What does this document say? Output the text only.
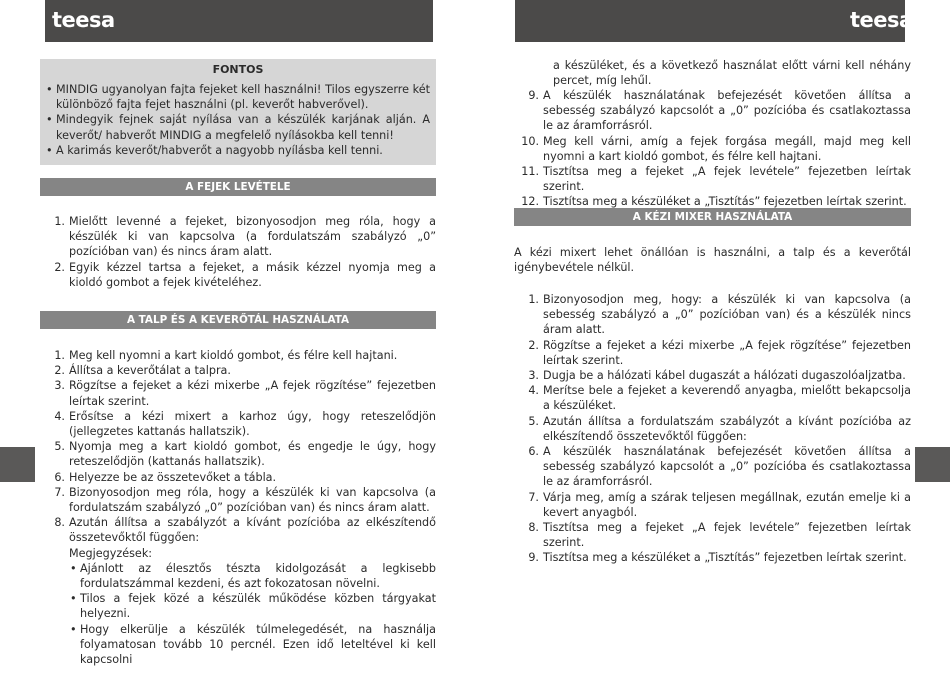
teesa	teesa
FONTOS
• MINDIG ugyanolyan fajta fejeket kell használni! Tilos egyszerre két különböző fajta fejet használni (pl. keverőt habverővel).
• Mindegyik fejnek saját nyílása van a készülék karjának alján. A keverőt/ habverőt MINDIG a megfelelő nyílásokba kell tenni!
• A karimás keverőt/habverőt a nagyobb nyílásba kell tenni.
A FEJEK LEVÉTELE
1. Mielőtt levenné a fejeket, bizonyosodjon meg róla, hogy a készülék ki van kapcsolva (a fordulatszám szabályzó „0” pozícióban van) és nincs áram alatt.
2. Egyik kézzel tartsa a fejeket, a másik kézzel nyomja meg a kioldó gombot a fejek kivételéhez.
A TALP ÉS A KEVERŐTÁL HASZNÁLATA
1. Meg kell nyomni a kart kioldó gombot, és félre kell hajtani.
2. Állítsa a keverőtálat a talpra.
3. Rögzítse a fejeket a kézi mixerbe „A fejek rögzítése” fejezetben leírtak szerint.
4. Erősítse a kézi mixert a karhoz úgy, hogy reteszelődjön (jellegzetes kattanás hallatszik).
5. Nyomja meg a kart kioldó gombot, és engedje le úgy, hogy reteszelődjön (kattanás hallatszik).
6. Helyezze be az összetevőket a tábla.
7. Bizonyosodjon meg róla, hogy a készülék ki van kapcsolva (a fordulatszám szabályzó „0” pozícióban van) és nincs áram alatt.
8. Azután állítsa a szabályzót a kívánt pozícióba az elkészítendő összetevőktől függően:
Megjegyzések:
• Ajánlott az élesztős tészta kidolgozását a legkisebb fordulatszámmal kezdeni, és azt fokozatosan növelni.
• Tilos a fejek közé a készülék működése közben tárgyakat helyezni.
• Hogy elkerülje a készülék túlmelegedését, na használja folyamatosan tovább 10 percnél. Ezen idő leteltével ki kell kapcsolni
a készüléket, és a következő használat előtt várni kell néhány percet, míg lehűl.
9. A készülék használatának befejezését követően állítsa a sebesség szabályzó kapcsolót a „0” pozícióba és csatlakoztassa le az áramforrásról.
10. Meg kell várni, amíg a fejek forgása megáll, majd meg kell nyomni a kart kioldó gombot, és félre kell hajtani.
11. Tisztítsa meg a fejeket „A fejek levétele” fejezetben leírtak szerint.
12. Tisztítsa meg a készüléket a „Tisztítás” fejezetben leírtak szerint.
A KÉZI MIXER HASZNÁLATA

A kézi mixert lehet önállóan is használni, a talp és a keverőtál igénybevétele nélkül.

1. Bizonyosodjon meg, hogy: a készülék ki van kapcsolva (a sebesség szabályzó a „0” pozícióban van) és a készülék nincs áram alatt.
2. Rögzítse a fejeket a kézi mixerbe „A fejek rögzítése” fejezetben leírtak szerint.
3. Dugja be a hálózati kábel dugaszát a hálózati dugaszolóaljzatba.
4. Merítse bele a fejeket a keverendő anyagba, mielőtt bekapcsolja a készüléket.
5. Azután állítsa a fordulatszám szabályzót a kívánt pozícióba az elkészítendő összetevőktől függően:
6. A készülék használatának befejezését követően állítsa a sebesség szabályzó kapcsolót a „0” pozícióba és csatlakoztassa le az áramforrásról.
7. Várja meg, amíg a szárak teljesen megállnak, ezután emelje ki a kevert anyagból.
8. Tisztítsa meg a fejeket „A fejek levétele” fejezetben leírtak szerint.
9. Tisztítsa meg a készüléket a „Tisztítás” fejezetben leírtak szerint.
